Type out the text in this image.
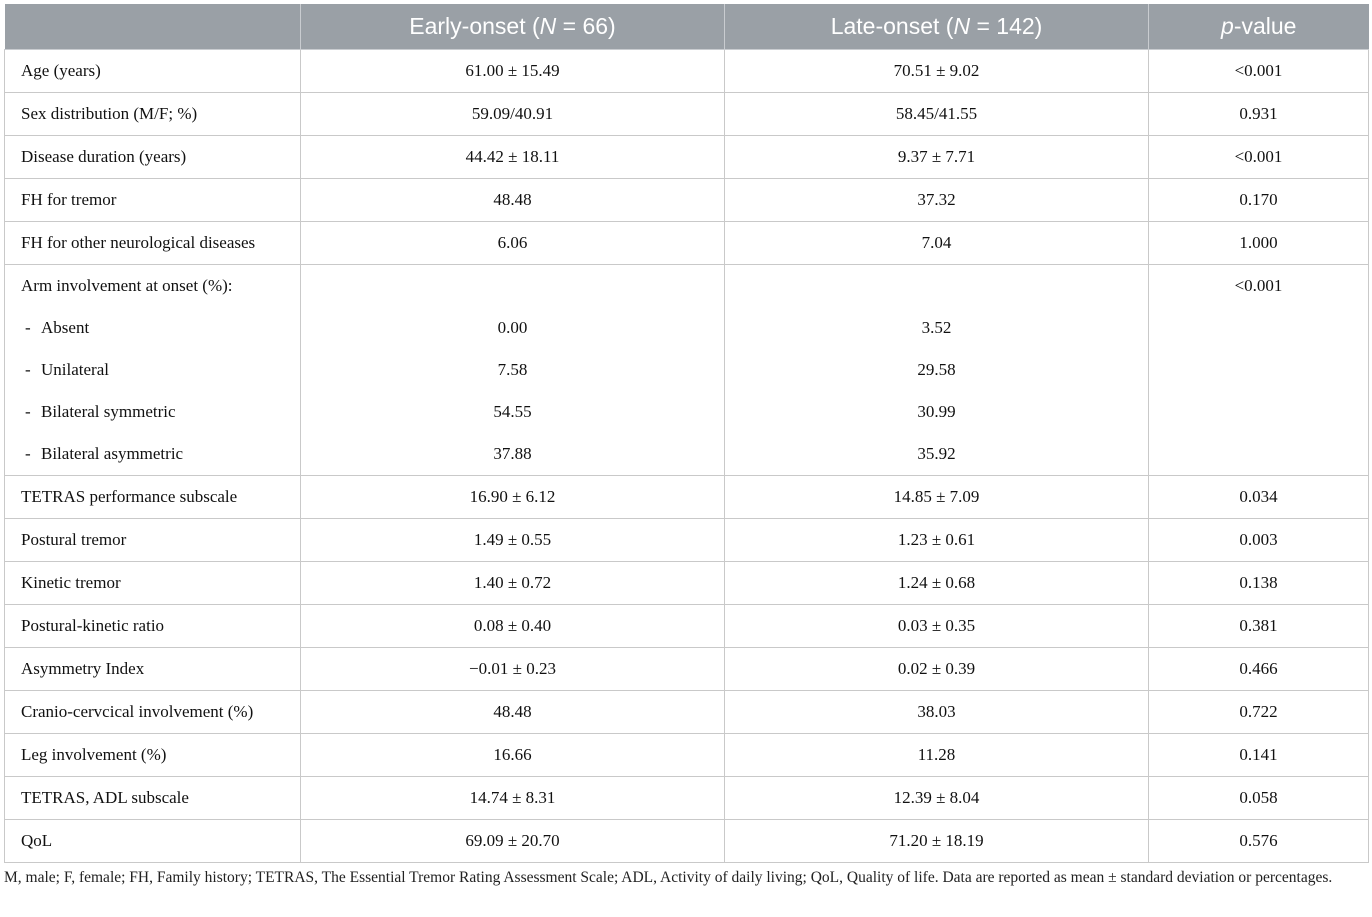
	Early-onset (N = 66)	Late-onset (N = 142)	p-value
Age (years)	61.00 ± 15.49	70.51 ± 9.02	<0.001
Sex distribution (M/F; %)	59.09/40.91	58.45/41.55	0.931
Disease duration (years)	44.42 ± 18.11	9.37 ± 7.71	<0.001
FH for tremor	48.48	37.32	0.170
FH for other neurological diseases	6.06	7.04	1.000
Arm involvement at onset (%):			<0.001
- Absent	0.00	3.52	
- Unilateral	7.58	29.58	
- Bilateral symmetric	54.55	30.99	
- Bilateral asymmetric	37.88	35.92	
TETRAS performance subscale	16.90 ± 6.12	14.85 ± 7.09	0.034
Postural tremor	1.49 ± 0.55	1.23 ± 0.61	0.003
Kinetic tremor	1.40 ± 0.72	1.24 ± 0.68	0.138
Postural-kinetic ratio	0.08 ± 0.40	0.03 ± 0.35	0.381
Asymmetry Index	−0.01 ± 0.23	0.02 ± 0.39	0.466
Cranio-cervcical involvement (%)	48.48	38.03	0.722
Leg involvement (%)	16.66	11.28	0.141
TETRAS, ADL subscale	14.74 ± 8.31	12.39 ± 8.04	0.058
QoL	69.09 ± 20.70	71.20 ± 18.19	0.576
M, male; F, female; FH, Family history; TETRAS, The Essential Tremor Rating Assessment Scale; ADL, Activity of daily living; QoL, Quality of life. Data are reported as mean ± standard deviation or percentages.
